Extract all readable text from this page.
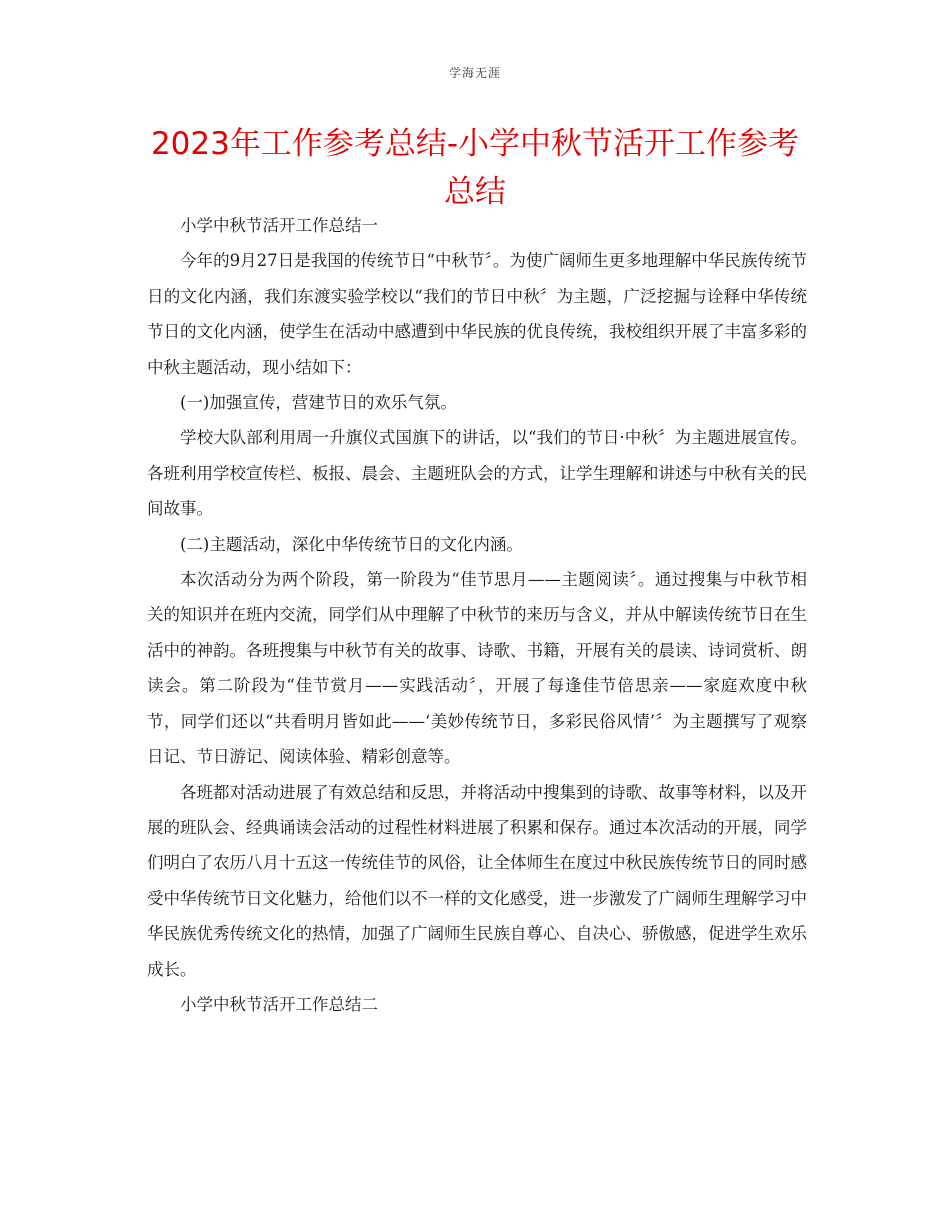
学海无涯
2023年工作参考总结-小学中秋节活开工作参考总结

小学中秋节活开工作总结一

今年的9月27日是我国的传统节日“中秋节〞。为使广阔师生更多地理解中华民族传统节日的文化内涵，我们东渡实验学校以“我们的节日中秋〞为主题，广泛挖掘与诠释中华传统节日的文化内涵，使学生在活动中感遭到中华民族的优良传统，我校组织开展了丰富多彩的中秋主题活动，现小结如下：

(一)加强宣传，营建节日的欢乐气氛。

学校大队部利用周一升旗仪式国旗下的讲话，以“我们的节日·中秋〞为主题进展宣传。各班利用学校宣传栏、板报、晨会、主题班队会的方式，让学生理解和讲述与中秋有关的民间故事。

(二)主题活动，深化中华传统节日的文化内涵。

本次活动分为两个阶段，第一阶段为“佳节思月——主题阅读〞。通过搜集与中秋节相关的知识并在班内交流，同学们从中理解了中秋节的来历与含义，并从中解读传统节日在生活中的神韵。各班搜集与中秋节有关的故事、诗歌、书籍，开展有关的晨读、诗词赏析、朗读会。第二阶段为“佳节赏月——实践活动〞，开展了每逢佳节倍思亲——家庭欢度中秋节，同学们还以“共看明月皆如此——‘美妙传统节日，多彩民俗风情’〞为主题撰写了观察日记、节日游记、阅读体验、精彩创意等。

各班都对活动进展了有效总结和反思，并将活动中搜集到的诗歌、故事等材料，以及开展的班队会、经典诵读会活动的过程性材料进展了积累和保存。通过本次活动的开展，同学们明白了农历八月十五这一传统佳节的风俗，让全体师生在度过中秋民族传统节日的同时感受中华传统节日文化魅力，给他们以不一样的文化感受，进一步激发了广阔师生理解学习中华民族优秀传统文化的热情，加强了广阔师生民族自尊心、自决心、骄傲感，促进学生欢乐成长。

小学中秋节活开工作总结二
